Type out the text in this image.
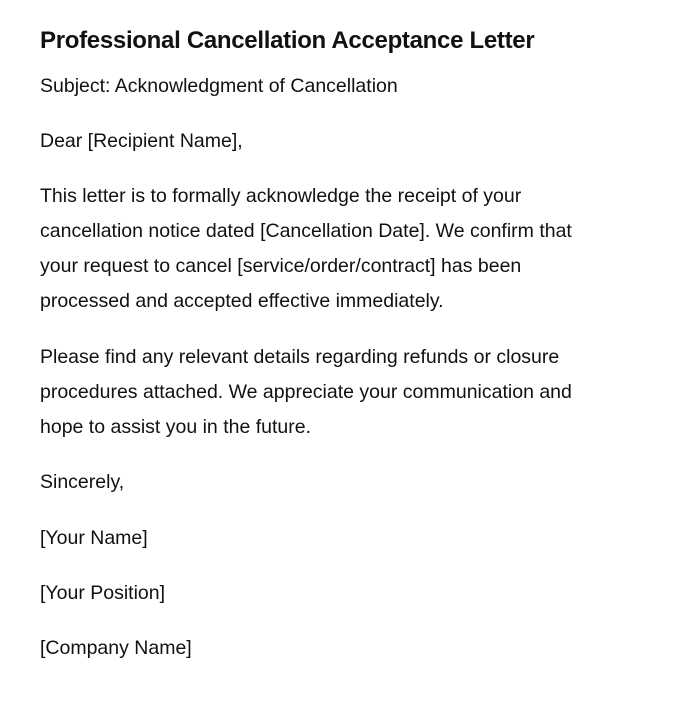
Professional Cancellation Acceptance Letter

Subject: Acknowledgment of Cancellation

Dear [Recipient Name],

This letter is to formally acknowledge the receipt of your
cancellation notice dated [Cancellation Date]. We confirm that
your request to cancel [service/order/contract] has been
processed and accepted effective immediately.
Please find any relevant details regarding refunds or closure
procedures attached. We appreciate your communication and
hope to assist you in the future.

Sincerely,

[Your Name]

[Your Position]

[Company Name]
